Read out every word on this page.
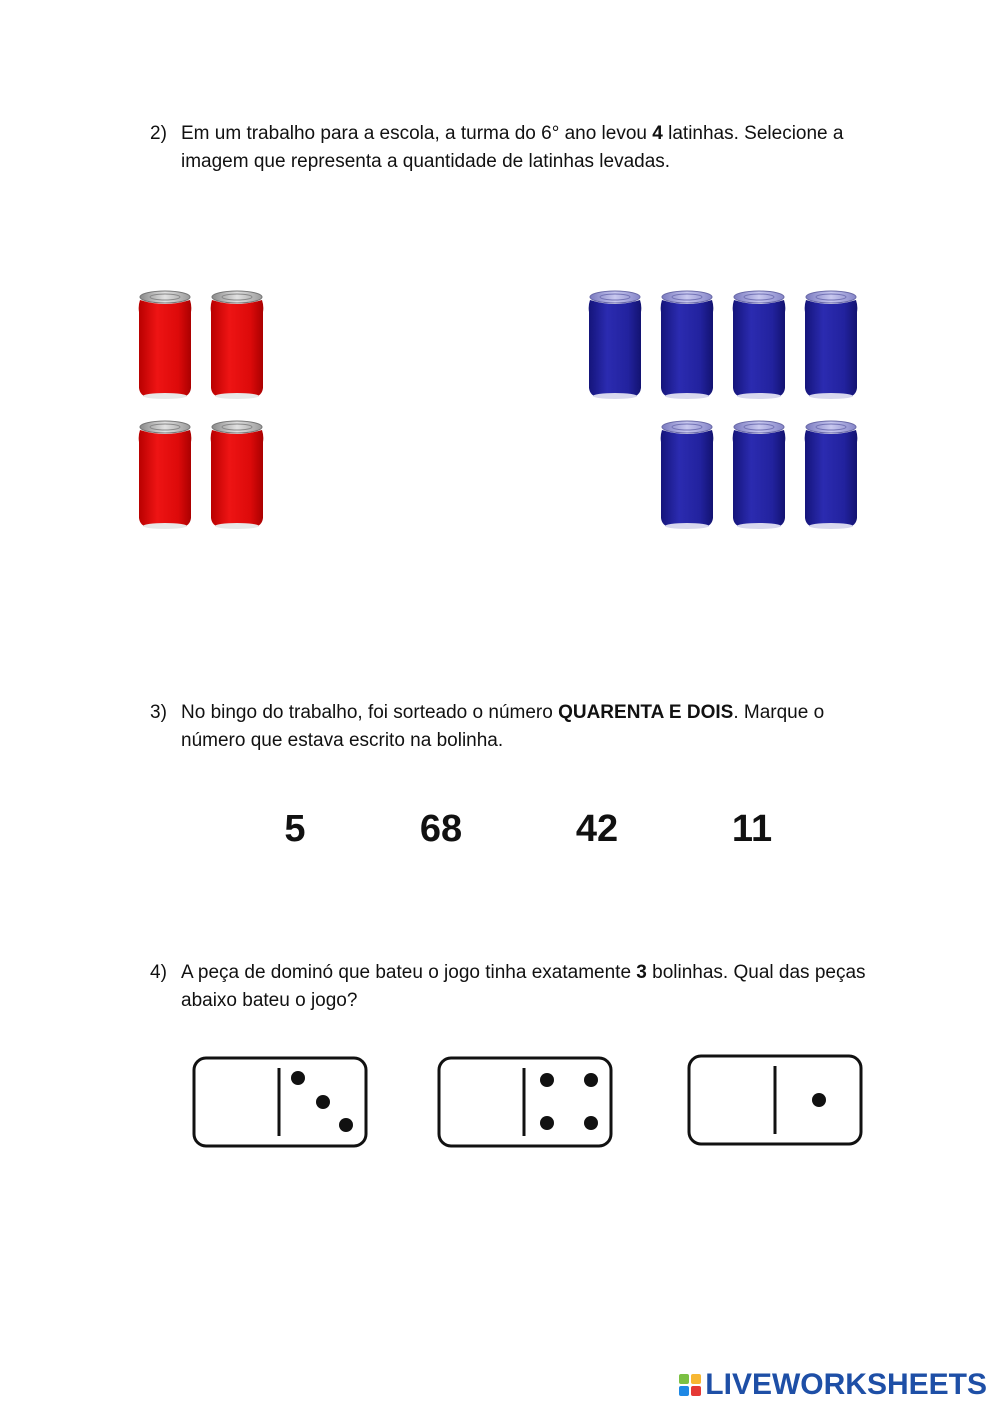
2) Em um trabalho para a escola, a turma do 6° ano levou 4 latinhas. Selecione a imagem que representa a quantidade de latinhas levadas.
3) No bingo do trabalho, foi sorteado o número QUARENTA E DOIS. Marque o número que estava escrito na bolinha.
5	68	42	11
4) A peça de dominó que bateu o jogo tinha exatamente 3 bolinhas. Qual das peças abaixo bateu o jogo?
LIVEWORKSHEETS
